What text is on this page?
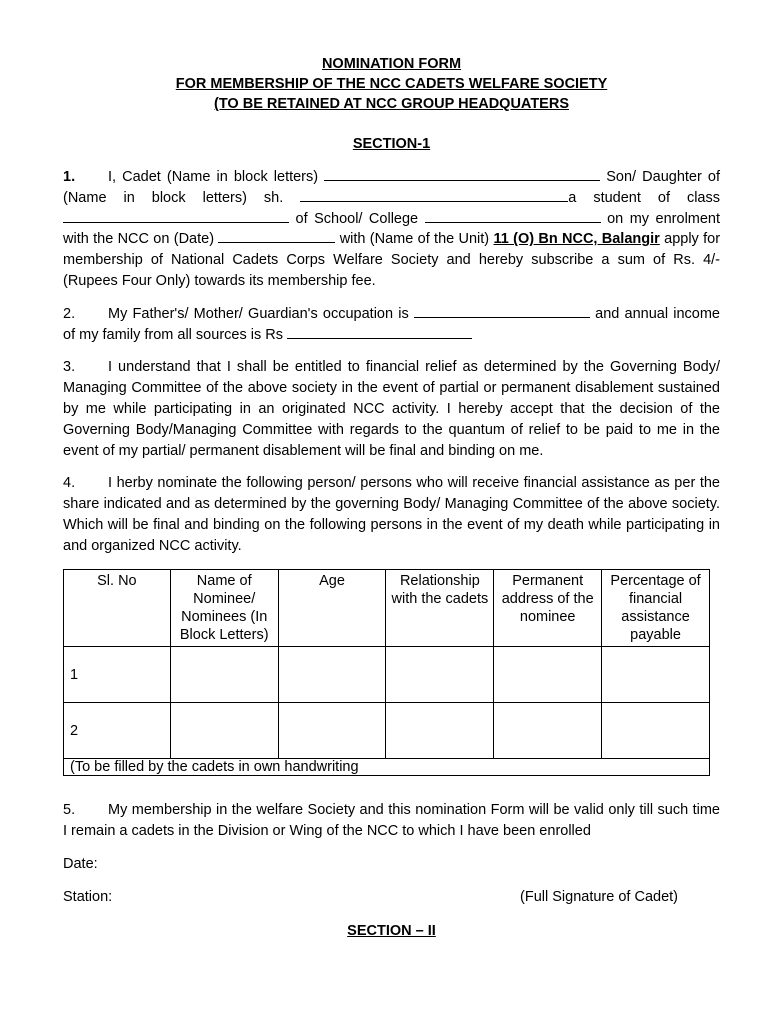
NOMINATION FORM
FOR MEMBERSHIP OF THE NCC CADETS WELFARE SOCIETY
(TO BE RETAINED AT NCC GROUP HEADQUATERS
SECTION-1

1. I, Cadet (Name in block letters)	Son/ Daughter of (Name in block letters) sh.	a student of class  of School/ College	on my enrolment with the NCC on (Date)	with (Name of the Unit) 11 (O) Bn NCC, Balangir apply for membership of National Cadets Corps Welfare Society and hereby subscribe a sum of Rs. 4/- (Rupees Four Only) towards its membership fee.

2. My Father's/ Mother/ Guardian's occupation is	and annual income of my family from all sources is Rs

3. I understand that I shall be entitled to financial relief as determined by the Governing Body/ Managing Committee of the above society in the event of partial or permanent disablement sustained by me while participating in an originated NCC activity. I hereby accept that the decision of the Governing Body/Managing Committee with regards to the quantum of relief to be paid to me in the event of my partial/ permanent disablement will be final and binding on me.

4. I herby nominate the following person/ persons who will receive financial assistance as per the share indicated and as determined by the governing Body/ Managing Committee of the above society. Which will be final and binding on the following persons in the event of my death while participating in and organized NCC activity.

Sl. No	Name of Nominee/ Nominees (In Block Letters)	Age	Relationship with the cadets	Permanent address of the nominee	Percentage of financial assistance payable
1					
2					
(To be filled by the cadets in own handwriting					

5. My membership in the welfare Society and this nomination Form will be valid only till such time I remain a cadets in the Division or Wing of the NCC to which I have been enrolled

Date:
Station:	(Full Signature of Cadet)
SECTION – II
